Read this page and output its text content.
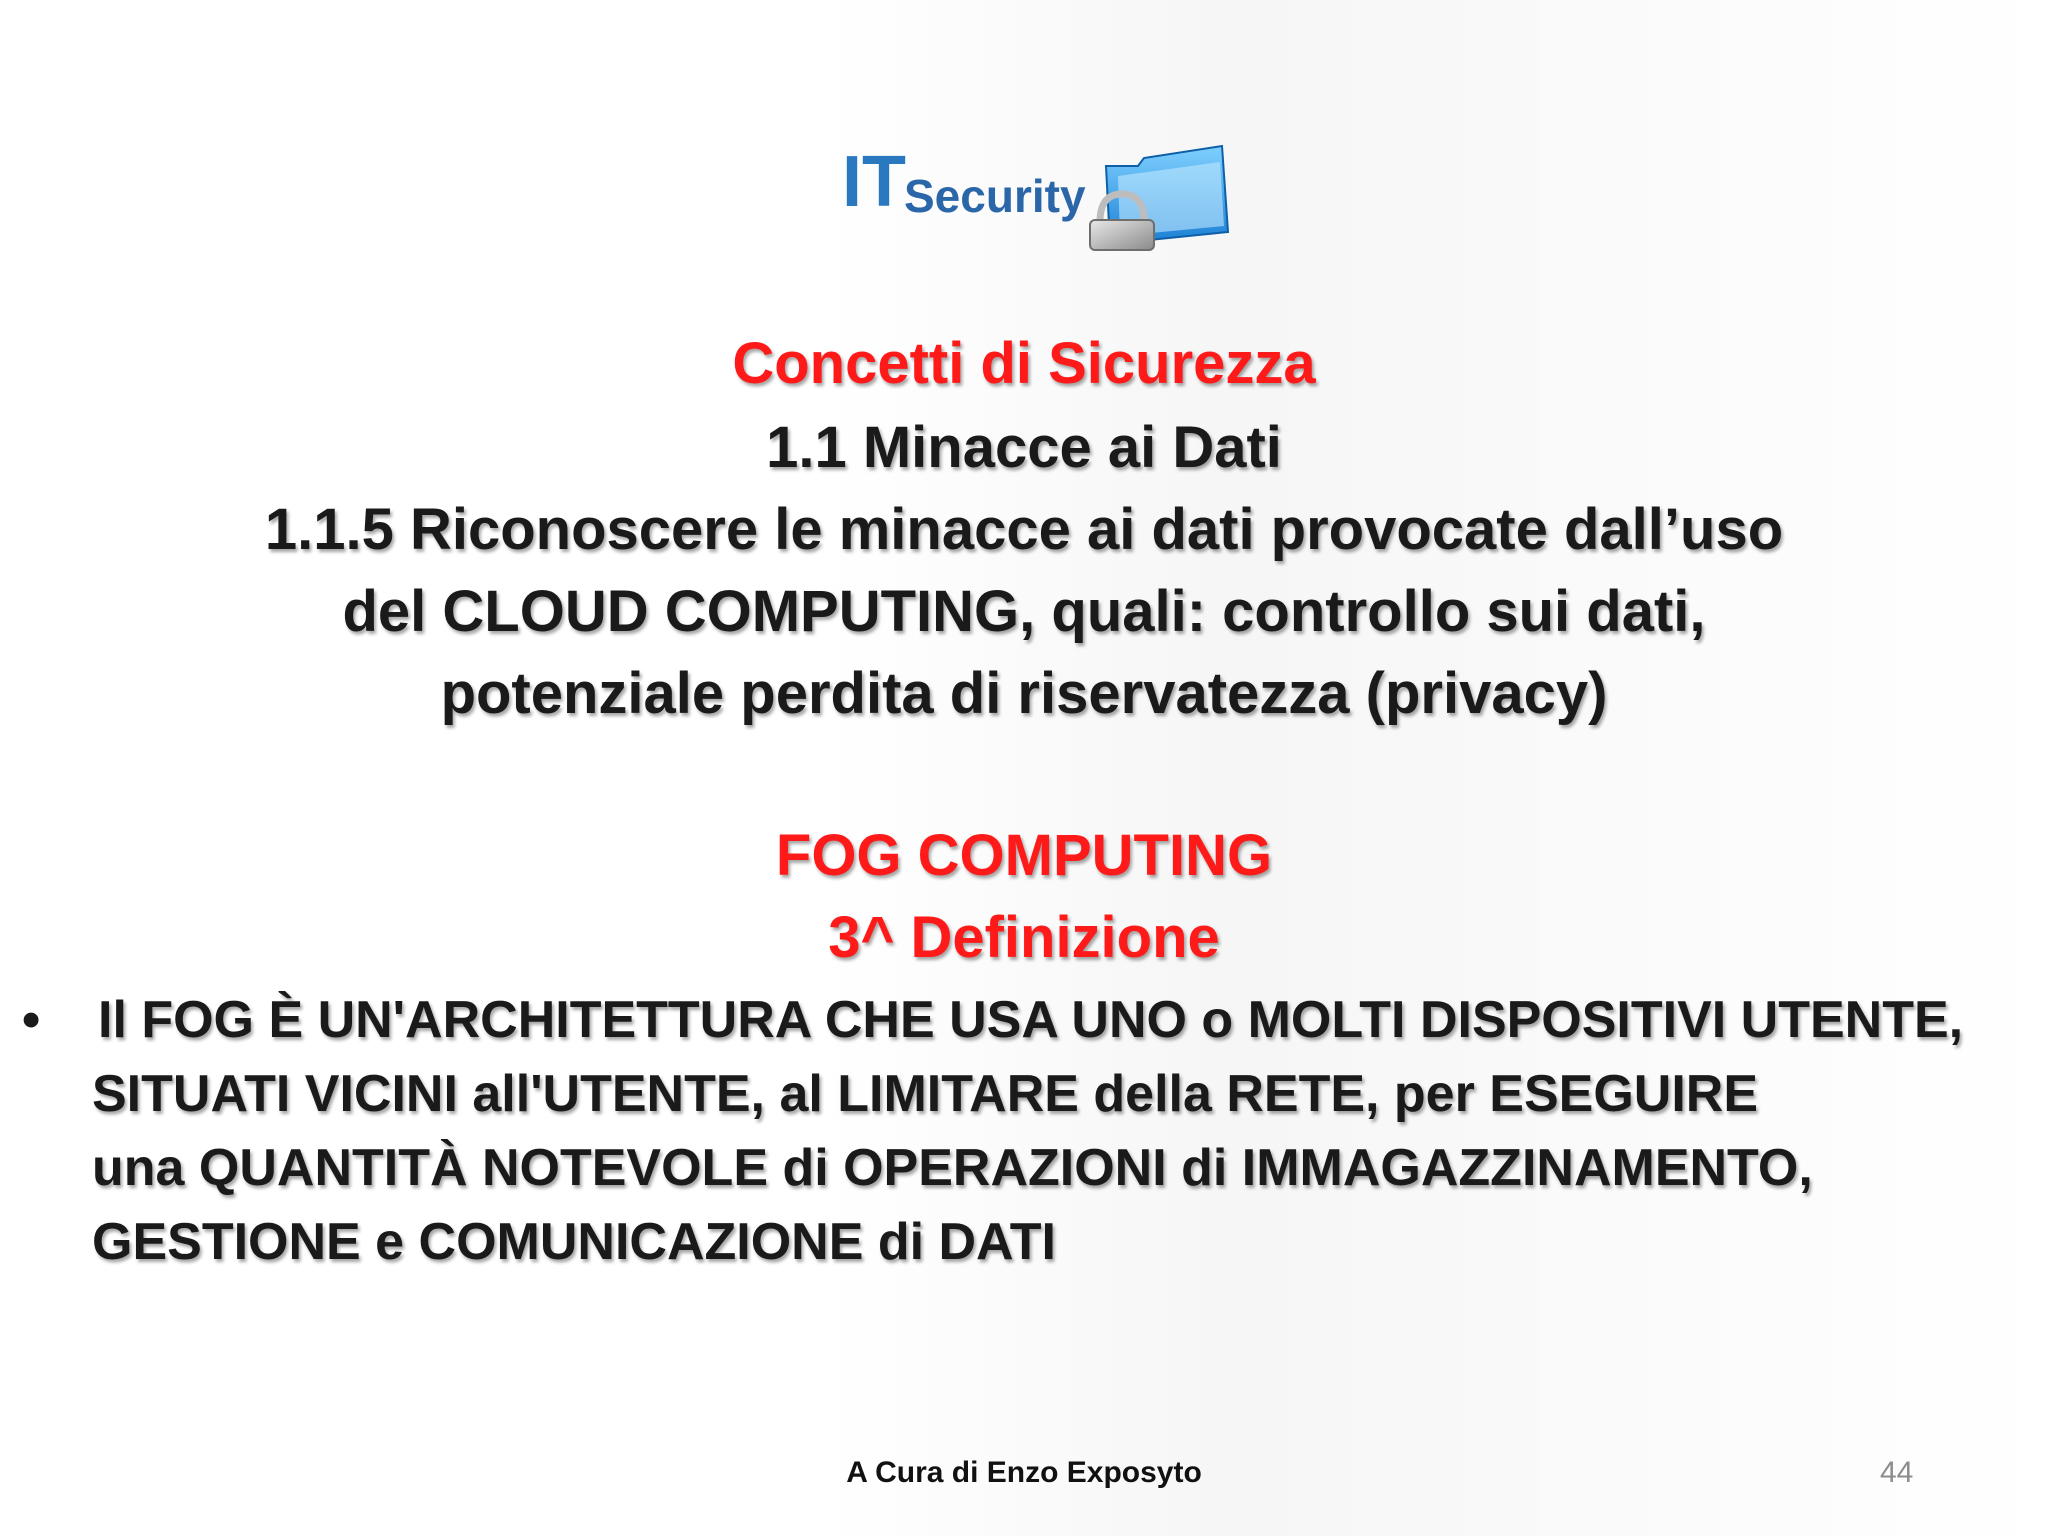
IT
Security
Concetti di Sicurezza
1.1 Minacce ai Dati
1.1.5 Riconoscere le minacce ai dati provocate dall’uso
del CLOUD COMPUTING, quali: controllo sui dati,
potenziale perdita di riservatezza (privacy)
FOG COMPUTING
3^ Definizione
• Il FOG È UN'ARCHITETTURA CHE USA UNO o MOLTI DISPOSITIVI UTENTE,
SITUATI VICINI all'UTENTE, al LIMITARE della RETE, per ESEGUIRE
una QUANTITÀ NOTEVOLE di OPERAZIONI di IMMAGAZZINAMENTO,
GESTIONE e COMUNICAZIONE di DATI
A Cura di Enzo Exposyto	44
